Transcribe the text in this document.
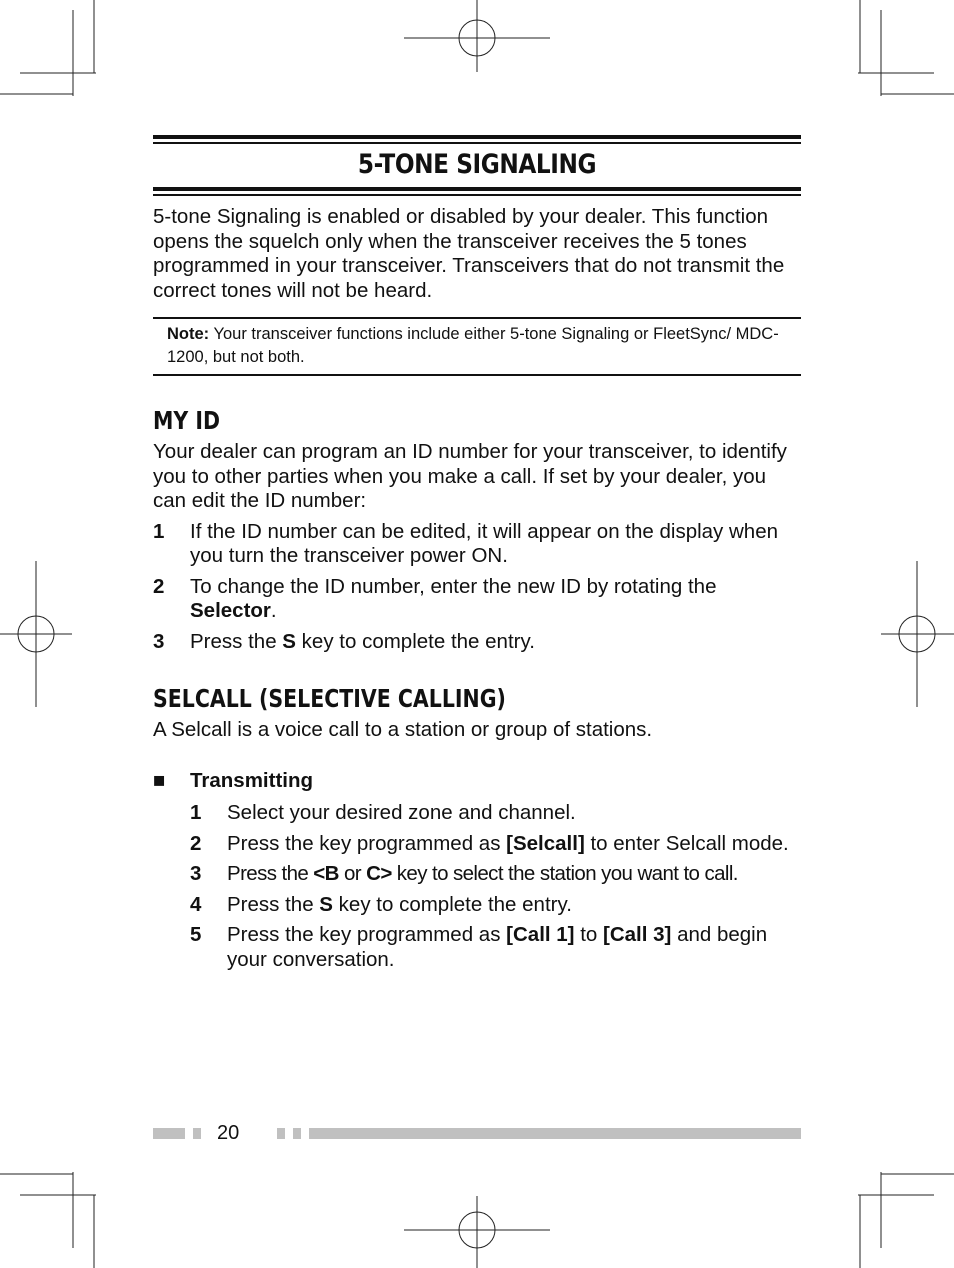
5-TONE SIGNALING

5-tone Signaling is enabled or disabled by your dealer. This function opens the squelch only when the transceiver receives the 5 tones programmed in your transceiver. Transceivers that do not transmit the correct tones will not be heard.

Note: Your transceiver functions include either 5-tone Signaling or FleetSync/ MDC-1200, but not both.
MY ID

Your dealer can program an ID number for your transceiver, to identify you to other parties when you make a call. If set by your dealer, you can edit the ID number:

1	If the ID number can be edited, it will appear on the display when you turn the transceiver power ON.
2	To change the ID number, enter the new ID by rotating the Selector.
3	Press the S key to complete the entry.
SELCALL (SELECTIVE CALLING)

A Selcall is a voice call to a station or group of stations.

■	Transmitting
1	Select your desired zone and channel.
2	Press the key programmed as [Selcall] to enter Selcall mode.
3	Press the <B or C> key to select the station you want to call.
4	Press the S key to complete the entry.
5	Press the key programmed as [Call 1] to [Call 3] and begin your conversation.
20
